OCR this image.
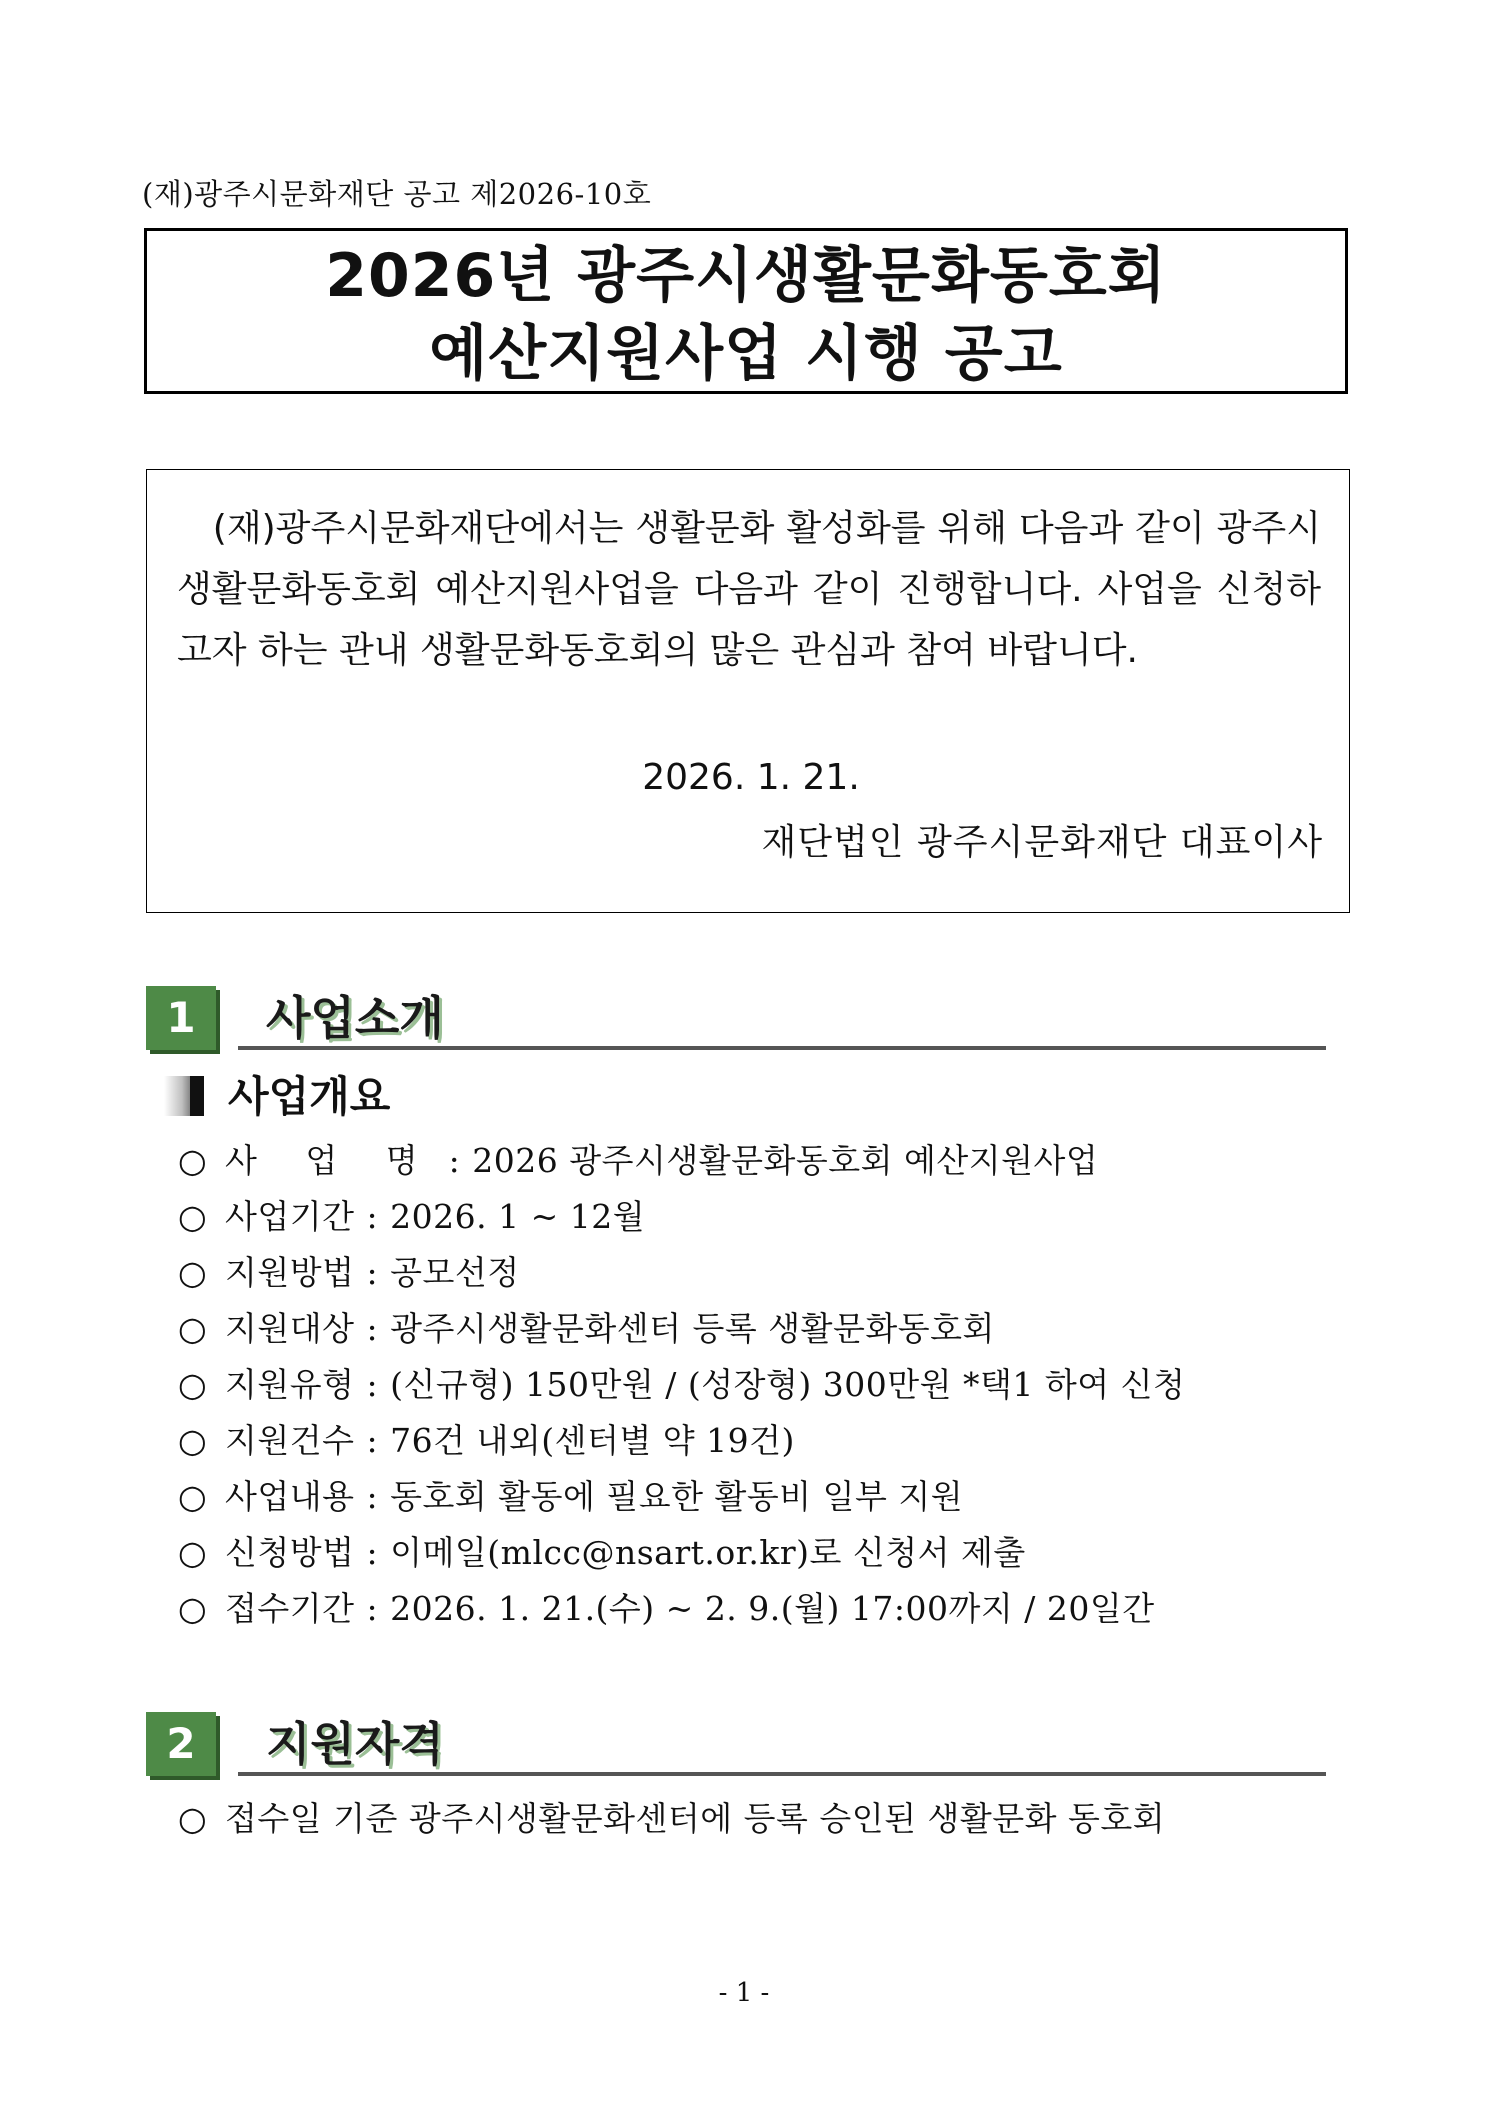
(재)광주시문화재단 공고 제2026-10호
2026년 광주시생활문화동호회
예산지원사업 시행 공고
(재)광주시문화재단에서는 생활문화 활성화를 위해 다음과 같이 광주시생활문화동호회 예산지원사업을 다음과 같이 진행합니다. 사업을 신청하고자 하는 관내 생활문화동호회의 많은 관심과 참여 바랍니다.
2026. 1. 21.
재단법인 광주시문화재단 대표이사
1	사업소개
사업개요
○ 사 업 명 : 2026 광주시생활문화동호회 예산지원사업
○ 사업기간 : 2026. 1 ~ 12월
○ 지원방법 : 공모선정
○ 지원대상 : 광주시생활문화센터 등록 생활문화동호회
○ 지원유형 : (신규형) 150만원 / (성장형) 300만원 *택1 하여 신청
○ 지원건수 : 76건 내외(센터별 약 19건)
○ 사업내용 : 동호회 활동에 필요한 활동비 일부 지원
○ 신청방법 : 이메일(mlcc@nsart.or.kr)로 신청서 제출
○ 접수기간 : 2026. 1. 21.(수) ~ 2. 9.(월) 17:00까지 / 20일간
2	지원자격
○ 접수일 기준 광주시생활문화센터에 등록 승인된 생활문화 동호회
- 1 -
